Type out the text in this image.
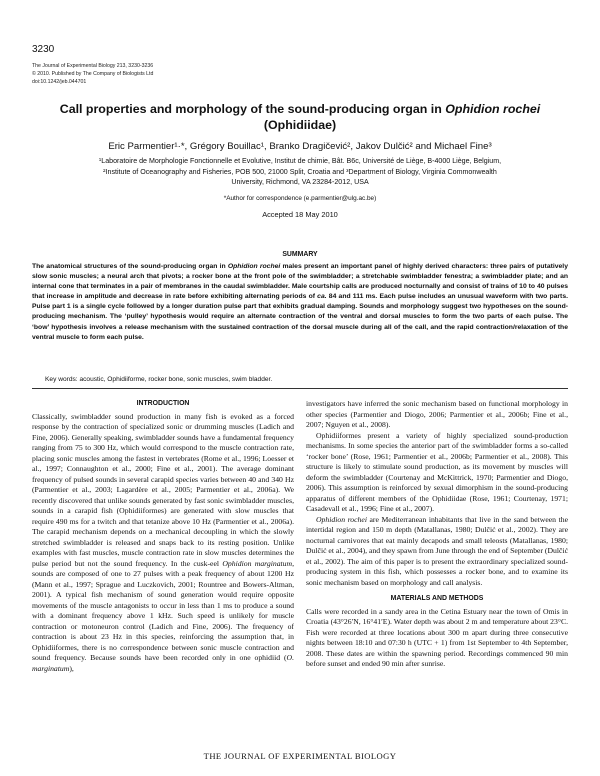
3230
The Journal of Experimental Biology 213, 3230-3236
© 2010. Published by The Company of Biologists Ltd
doi:10.1242/jeb.044701
Call properties and morphology of the sound-producing organ in Ophidion rochei
(Ophidiidae)
Eric Parmentier¹·*, Grégory Bouillac¹, Branko Dragičević², Jakov Dulčić² and Michael Fine³
¹Laboratoire de Morphologie Fonctionnelle et Evolutive, Institut de chimie, Bât. B6c, Université de Liège, B-4000 Liège, Belgium,
²Institute of Oceanography and Fisheries, POB 500, 21000 Split, Croatia and ³Department of Biology, Virginia Commonwealth
University, Richmond, VA 23284-2012, USA
*Author for correspondence (e.parmentier@ulg.ac.be)
Accepted 18 May 2010
SUMMARY
The anatomical structures of the sound-producing organ in Ophidion rochei males present an important panel of highly derived characters: three pairs of putatively slow sonic muscles; a neural arch that pivots; a rocker bone at the front pole of the swimbladder; a stretchable swimbladder fenestra; a swimbladder plate; and an internal cone that terminates in a pair of membranes in the caudal swimbladder. Male courtship calls are produced nocturnally and consist of trains of 10 to 40 pulses that increase in amplitude and decrease in rate before exhibiting alternating periods of ca. 84 and 111 ms. Each pulse includes an unusual waveform with two parts. Pulse part 1 is a single cycle followed by a longer duration pulse part that exhibits gradual damping. Sounds and morphology suggest two hypotheses on the sound-producing mechanism. The ‘pulley’ hypothesis would require an alternate contraction of the ventral and dorsal muscles to form the two parts of each pulse. The ‘bow’ hypothesis involves a release mechanism with the sustained contraction of the dorsal muscle during all of the call, and the rapid contraction/relaxation of the ventral muscle to form each pulse.
Key words: acoustic, Ophidiiforme, rocker bone, sonic muscles, swim bladder.
INTRODUCTION

Classically, swimbladder sound production in many fish is evoked as a forced response by the contraction of specialized sonic or drumming muscles (Ladich and Fine, 2006). Generally speaking, swimbladder sounds have a fundamental frequency ranging from 75 to 300 Hz, which would correspond to the muscle contraction rate, placing sonic muscles among the fastest in vertebrates (Rome et al., 1996; Loesser et al., 1997; Connaughton et al., 2000; Fine et al., 2001). The average dominant frequency of pulsed sounds in several carapid species varies between 40 and 340 Hz (Parmentier et al., 2003; Lagardère et al., 2005; Parmentier et al., 2006a). We recently discovered that unlike sounds generated by fast sonic swimbladder muscles, sounds in a carapid fish (Ophidiiformes) are generated with slow muscles that require 490 ms for a twitch and that tetanize above 10 Hz (Parmentier et al., 2006a). The carapid mechanism depends on a mechanical decoupling in which the slowly stretched swimbladder is released and snaps back to its resting position. Unlike examples with fast muscles, muscle contraction rate in slow muscles determines the pulse period but not the sound frequency. In the cusk-eel Ophidion marginatum, sounds are composed of one to 27 pulses with a peak frequency of about 1200 Hz (Mann et al., 1997; Sprague and Luczkovich, 2001; Rountree and Bowers-Altman, 2001). A typical fish mechanism of sound generation would require opposite movements of the muscle antagonists to occur in less than 1 ms to produce a sound with a dominant frequency above 1 kHz. Such speed is unlikely for muscle contraction or motoneuron control (Ladich and Fine, 2006). The frequency of contraction is about 23 Hz in this species, reinforcing the assumption that, in Ophidiiformes, there is no correspondence between sonic muscle contraction and sound frequency. Because sounds have been recorded only in one ophidiid (O. marginatum),

investigators have inferred the sonic mechanism based on functional morphology in other species (Parmentier and Diogo, 2006; Parmentier et al., 2006b; Fine et al., 2007; Nguyen et al., 2008).

Ophidiiformes present a variety of highly specialized sound-production mechanisms. In some species the anterior part of the swimbladder forms a so-called ‘rocker bone’ (Rose, 1961; Parmentier et al., 2006b; Parmentier et al., 2008). This structure is likely to stimulate sound production, as its movement by muscles will deform the swimbladder (Courtenay and McKittrick, 1970; Parmentier and Diogo, 2006). This assumption is reinforced by sexual dimorphism in the sound-producing apparatus of different members of the Ophidiidae (Rose, 1961; Courtenay, 1971; Casadevall et al., 1996; Fine et al., 2007).

Ophidion rochei are Mediterranean inhabitants that live in the sand between the intertidal region and 150 m depth (Matallanas, 1980; Dulčić et al., 2002). They are nocturnal carnivores that eat mainly decapods and small teleosts (Matallanas, 1980; Dulčić et al., 2004), and they spawn from June through the end of September (Dulčić et al., 2002). The aim of this paper is to present the extraordinary specialized sound-producing system in this fish, which possesses a rocker bone, and to examine its sonic mechanism based on morphology and call analysis.

MATERIALS AND METHODS

Calls were recorded in a sandy area in the Cetina Estuary near the town of Omis in Croatia (43°26′N, 16°41′E). Water depth was about 2 m and temperature about 23°C. Fish were recorded at three locations about 300 m apart during three consecutive nights between 18:10 and 07:30 h (UTC + 1) from 1st September to 4th September, 2008. These dates are within the spawning period. Recordings commenced 90 min before sunset and ended 90 min after sunrise.

THE JOURNAL OF EXPERIMENTAL BIOLOGY
